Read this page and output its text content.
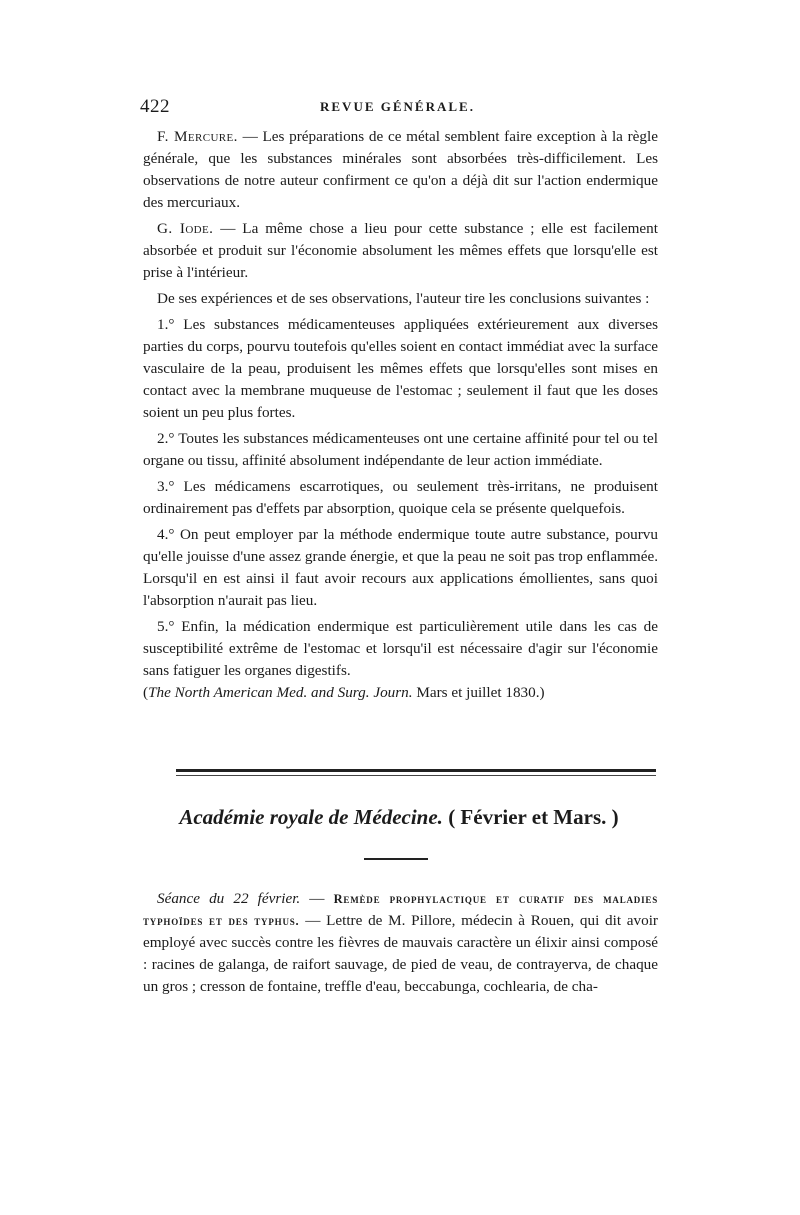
422	REVUE GÉNÉRALE.

F. Mercure. — Les préparations de ce métal semblent faire exception à la règle générale, que les substances minérales sont absorbées très-difficilement. Les observations de notre auteur confirment ce qu'on a déjà dit sur l'action endermique des mercuriaux.

G. Iode. — La même chose a lieu pour cette substance ; elle est facilement absorbée et produit sur l'économie absolument les mêmes effets que lorsqu'elle est prise à l'intérieur.

De ses expériences et de ses observations, l'auteur tire les conclusions suivantes :

1.° Les substances médicamenteuses appliquées extérieurement aux diverses parties du corps, pourvu toutefois qu'elles soient en contact immédiat avec la surface vasculaire de la peau, produisent les mêmes effets que lorsqu'elles sont mises en contact avec la membrane muqueuse de l'estomac ; seulement il faut que les doses soient un peu plus fortes.

2.° Toutes les substances médicamenteuses ont une certaine affinité pour tel ou tel organe ou tissu, affinité absolument indépendante de leur action immédiate.

3.° Les médicamens escarrotiques, ou seulement très-irritans, ne produisent ordinairement pas d'effets par absorption, quoique cela se présente quelquefois.

4.° On peut employer par la méthode endermique toute autre substance, pourvu qu'elle jouisse d'une assez grande énergie, et que la peau ne soit pas trop enflammée. Lorsqu'il en est ainsi il faut avoir recours aux applications émollientes, sans quoi l'absorption n'aurait pas lieu.

5.° Enfin, la médication endermique est particulièrement utile dans les cas de susceptibilité extrême de l'estomac et lorsqu'il est nécessaire d'agir sur l'économie sans fatiguer les organes digestifs.
(The North American Med. and Surg. Journ. Mars et juillet 1830.)

Académie royale de Médecine. ( Février et Mars. )

Séance du 22 février. — Remède prophylactique et curatif des maladies typhoïdes et des typhus. — Lettre de M. Pillore, médecin à Rouen, qui dit avoir employé avec succès contre les fièvres de mauvais caractère un élixir ainsi composé : racines de galanga, de raifort sauvage, de pied de veau, de contrayerva, de chaque un gros ; cresson de fontaine, treffle d'eau, beccabunga, cochlearia, de cha-
